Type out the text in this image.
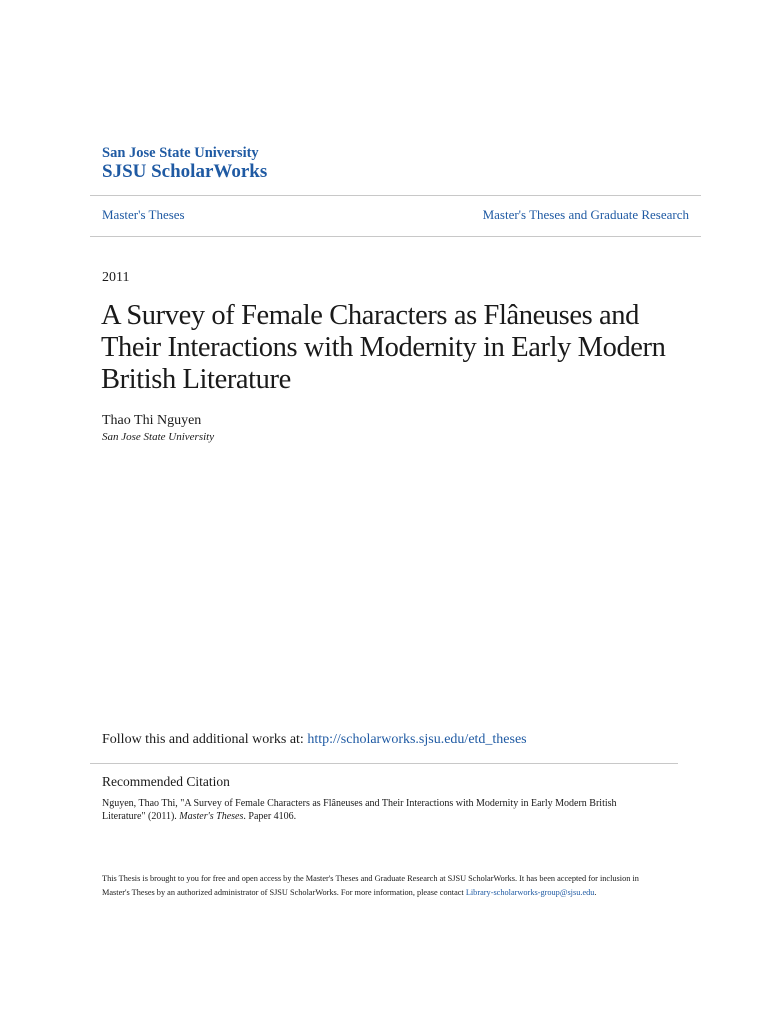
San Jose State University
SJSU ScholarWorks
Master's Theses	Master's Theses and Graduate Research
2011
A Survey of Female Characters as Flâneuses and Their Interactions with Modernity in Early Modern British Literature
Thao Thi Nguyen
San Jose State University
Follow this and additional works at: http://scholarworks.sjsu.edu/etd_theses
Recommended Citation
Nguyen, Thao Thi, "A Survey of Female Characters as Flâneuses and Their Interactions with Modernity in Early Modern British Literature" (2011). Master's Theses. Paper 4106.
This Thesis is brought to you for free and open access by the Master's Theses and Graduate Research at SJSU ScholarWorks. It has been accepted for inclusion in Master's Theses by an authorized administrator of SJSU ScholarWorks. For more information, please contact Library-scholarworks-group@sjsu.edu.
